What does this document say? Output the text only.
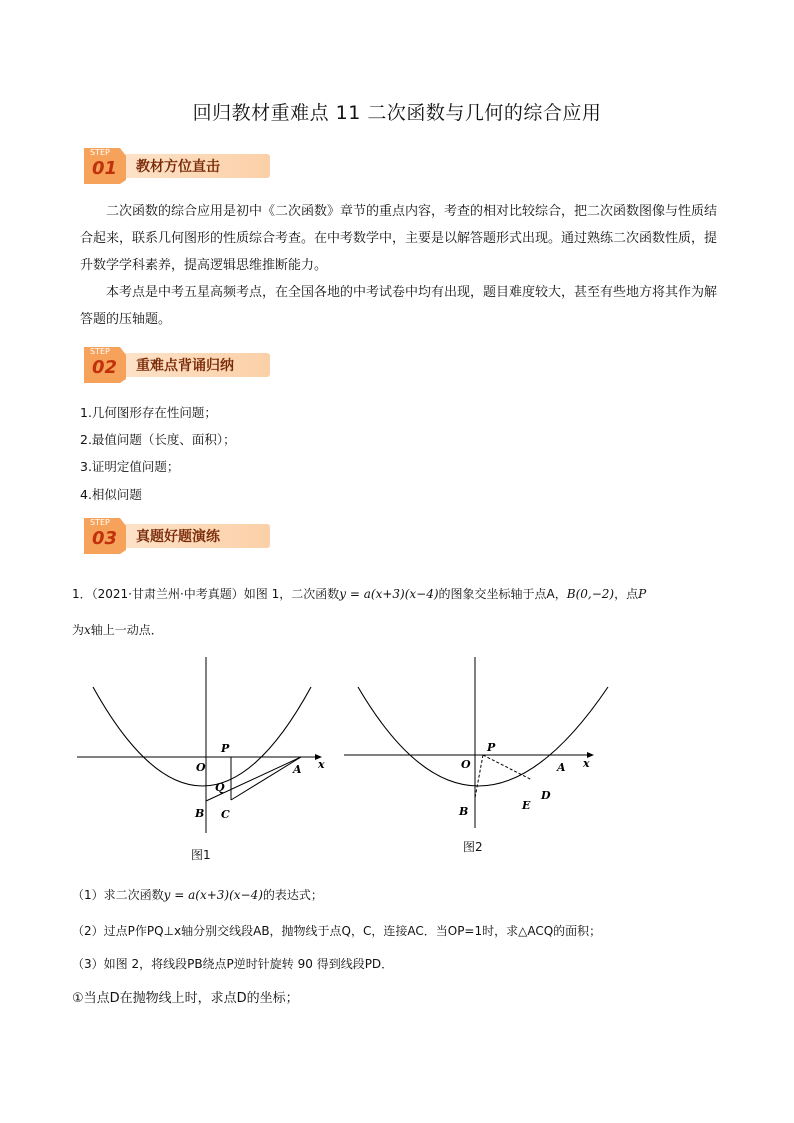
回归教材重难点 11 二次函数与几何的综合应用
STEP
01 教材方位直击
二次函数的综合应用是初中《二次函数》章节的重点内容，考查的相对比较综合，把二次函数图像与性质结合起来，联系几何图形的性质综合考查。在中考数学中，主要是以解答题形式出现。通过熟练二次函数性质，提升数学学科素养，提高逻辑思维推断能力。
本考点是中考五星高频考点，在全国各地的中考试卷中均有出现，题目难度较大，甚至有些地方将其作为解答题的压轴题。
STEP
02 重难点背诵归纳
1.几何图形存在性问题；
2.最值问题（长度、面积）；
3.证明定值问题；
4.相似问题
STEP
03 真题好题演练
1．（2021·甘肃兰州·中考真题）如图 1，二次函数y = a(x+3)(x−4)的图象交坐标轴于点A，B(0,−2)，点P
为x轴上一动点．
P
O
Q
A x
B C
图1
P
O	A x
D
E
B
图2
（1）求二次函数y = a(x+3)(x−4)的表达式；
（2）过点P作PQ⊥x轴分别交线段AB，抛物线于点Q，C，连接AC．当OP=1时，求△ACQ的面积；
（3）如图 2，将线段PB绕点P逆时针旋转 90 得到线段PD．
①当点D在抛物线上时，求点D的坐标；
